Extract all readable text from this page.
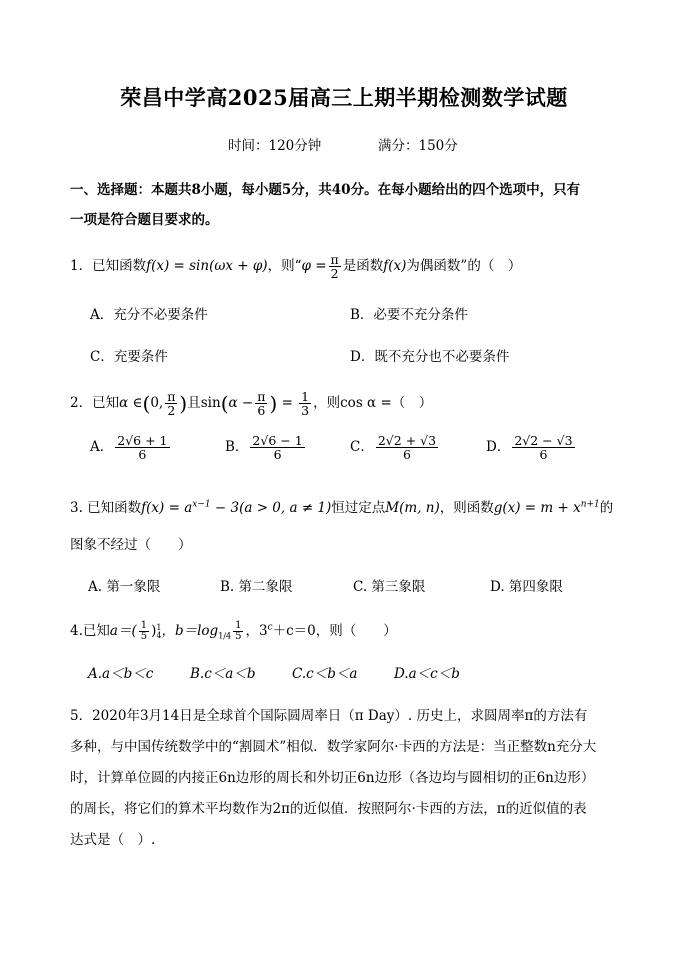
荣昌中学高2025届高三上期半期检测数学试题
时间：120分钟	满分：150分
一、选择题：本题共8小题，每小题5分，共40分。在每小题给出的四个选项中，只有
一项是符合题目要求的。
1．已知函数f(x) = sin(ωx + φ)，则“$\varphi = \frac{\pi}{2}$ 是函数f(x)为偶函数”的（　）
A．充分不必要条件	B．必要不充分条件
C．充要条件	D．既不充分也不必要条件
2．已知α ∈(0, $\frac{\pi}{2}$ )且$\sin(\alpha - \frac{\pi}{6}$ ) = $\frac{1}{3}$ ，则cos α =（　）
A． $\frac{2√6 + 1}{6}$	B． $\frac{2√6 - 1}{6}$	C． $\frac{2√2 + √3}{6}$	D． $\frac{2√2 - √3}{6}$
3. 已知函数$f(x) = a^{x-1} - 3(a > 0$, a ≠ 1)恒过定点M(m, n)，则函数$g(x) = m + x^{n+1}$的
图象不经过（　　）
A. 第一象限	B. 第二象限	C. 第三象限	D. 第四象限
4.已知$a=( \frac{1}{5}$ ) $^{1 4}$ ，$b=\log_{1/4} \frac{1}{5}$ ，$3^c+c=0$，则（　　）
A.a＜b＜c	B.c＜a＜b	C.c＜b＜a	D.a＜c＜b
5．2020年3月14日是全球首个国际圆周率日（π Day）. 历史上，求圆周率π的方法有
多种，与中国传统数学中的“割圆术”相似．数学家阿尔·卡西的方法是：当正整数n充分大
时，计算单位圆的内接正6n边形的周长和外切正6n边形（各边均与圆相切的正6n边形）
的周长，将它们的算术平均数作为2π的近似值．按照阿尔·卡西的方法，π的近似值的表
达式是（　）.
